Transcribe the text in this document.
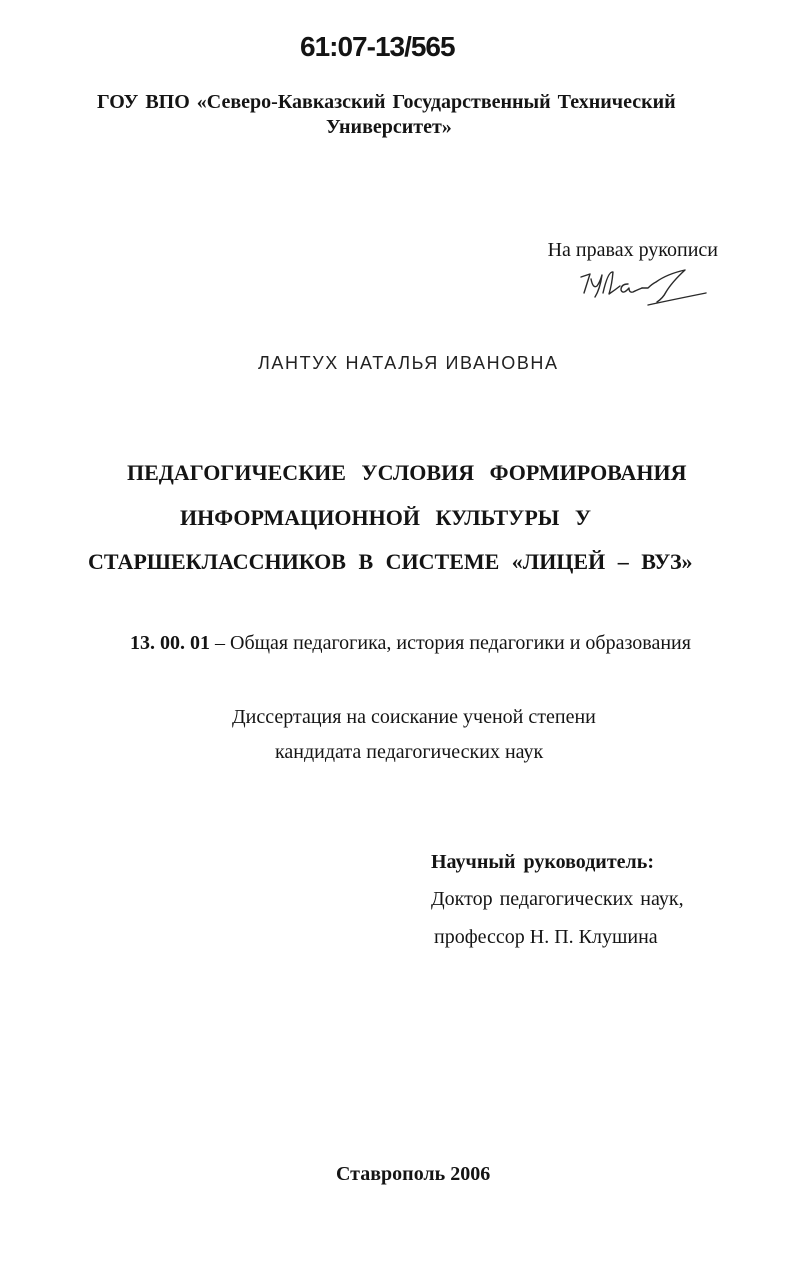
61:07-13/565
ГОУ ВПО «Северо-Кавказский Государственный Технический
Университет»
На правах рукописи
ЛАНТУХ НАТАЛЬЯ ИВАНОВНА
ПЕДАГОГИЧЕСКИЕ УСЛОВИЯ ФОРМИРОВАНИЯ
ИНФОРМАЦИОННОЙ КУЛЬТУРЫ У
СТАРШЕКЛАССНИКОВ В СИСТЕМЕ «ЛИЦЕЙ – ВУЗ»
13. 00. 01 – Общая педагогика, история педагогики и образования
Диссертация на соискание ученой степени
кандидата педагогических наук
Научный руководитель:
Доктор педагогических наук,
профессор Н. П. Клушина
Ставрополь 2006
